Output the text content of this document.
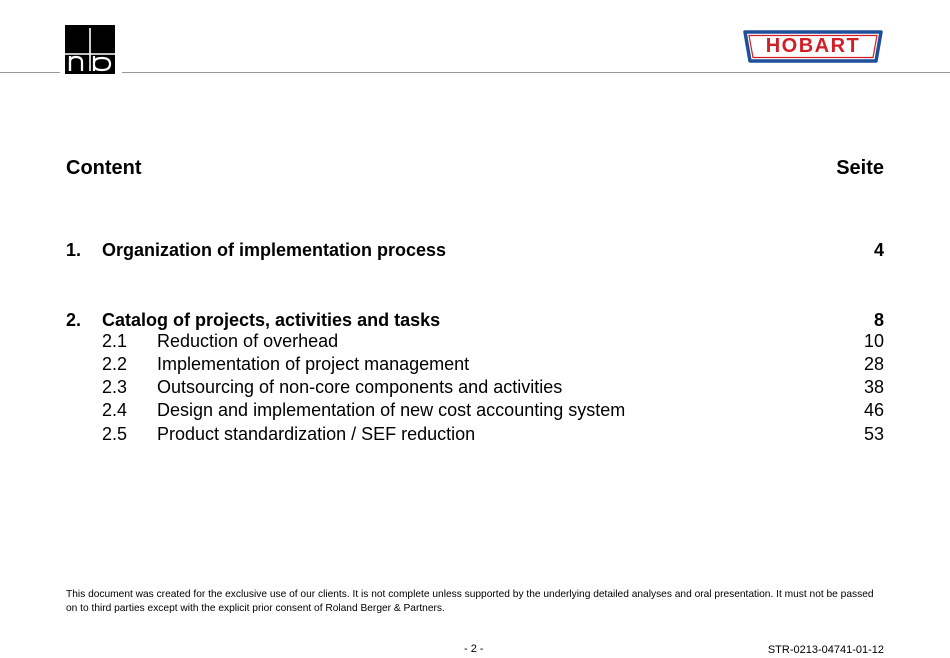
HOBART
Content	Seite
1. Organization of implementation process	4
2. Catalog of projects, activities and tasks	8
2.1 Reduction of overhead	10
2.2 Implementation of project management	28
2.3 Outsourcing of non-core components and activities	38
2.4 Design and implementation of new cost accounting system	46
2.5 Product standardization / SEF reduction	53
This document was created for the exclusive use of our clients. It is not complete unless supported by the underlying detailed analyses and oral presentation. It must not be passed on to third parties except with the explicit prior consent of Roland Berger & Partners.
- 2 -	STR-0213-04741-01-12
